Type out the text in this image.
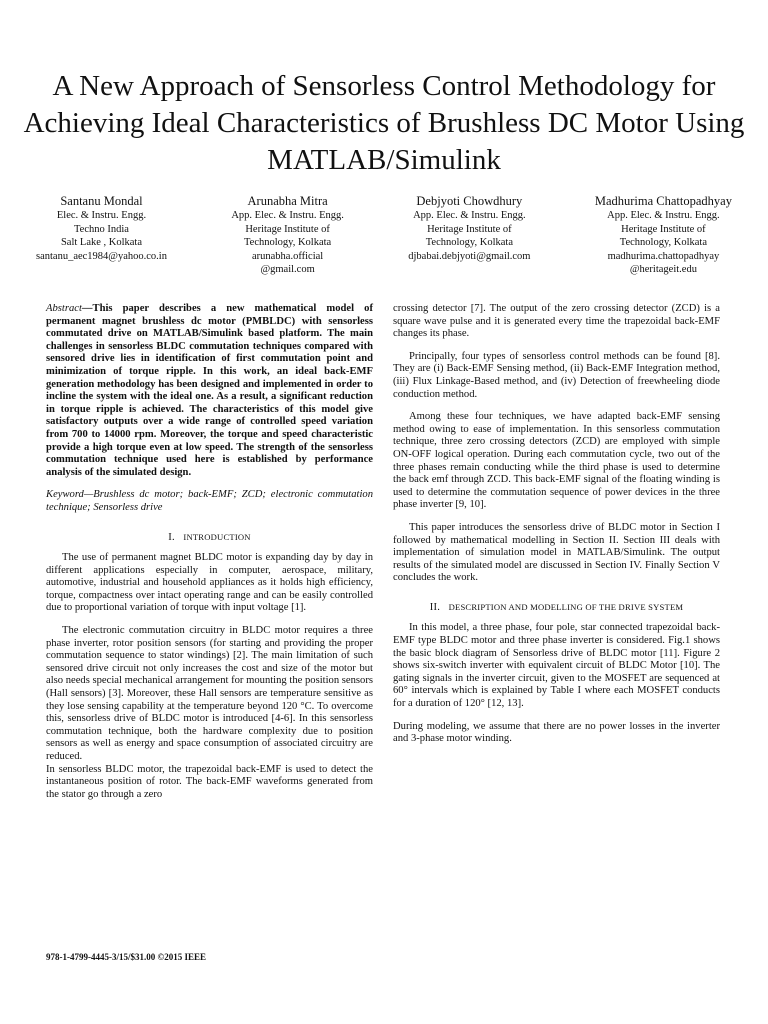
A New Approach of Sensorless Control Methodology for Achieving Ideal Characteristics of Brushless DC Motor Using MATLAB/Simulink
Santanu Mondal
Elec. & Instru. Engg.
Techno India
Salt Lake , Kolkata
santanu_aec1984@yahoo.co.in
Arunabha Mitra
App. Elec. & Instru. Engg.
Heritage Institute of
Technology, Kolkata
arunabha.official
@gmail.com
Debjyoti Chowdhury
App. Elec. & Instru. Engg.
Heritage Institute of
Technology, Kolkata
djbabai.debjyoti@gmail.com
Madhurima Chattopadhyay
App. Elec. & Instru. Engg.
Heritage Institute of
Technology, Kolkata
madhurima.chattopadhyay
@heritageit.edu

Abstract—This paper describes a new mathematical model of permanent magnet brushless dc motor (PMBLDC) with sensorless commutated drive on MATLAB/Simulink based platform. The main challenges in sensorless BLDC commutation techniques compared with sensored drive lies in identification of first commutation point and minimization of torque ripple. In this work, an ideal back-EMF generation methodology has been designed and implemented in order to incline the system with the ideal one. As a result, a significant reduction in torque ripple is achieved. The characteristics of this model give satisfactory outputs over a wide range of controlled speed variation from 700 to 14000 rpm. Moreover, the torque and speed characteristic provide a high torque even at low speed. The strength of the sensorless commutation technique used here is established by performance analysis of the simulated design.

Keyword—Brushless dc motor; back-EMF; ZCD; electronic commutation technique; Sensorless drive

I. INTRODUCTION

The use of permanent magnet BLDC motor is expanding day by day in different applications especially in computer, aerospace, military, automotive, industrial and household appliances as it holds high efficiency, torque, compactness over intact operating range and can be easily controlled due to proportional variation of torque with input voltage [1].

The electronic commutation circuitry in BLDC motor requires a three phase inverter, rotor position sensors (for starting and providing the proper commutation sequence to stator windings) [2]. The main limitation of such sensored drive circuit not only increases the cost and size of the motor but also needs special mechanical arrangement for mounting the position sensors (Hall sensors) [3]. Moreover, these Hall sensors are temperature sensitive as they lose sensing capability at the temperature beyond 120 °C. To overcome this, sensorless drive of BLDC motor is introduced [4-6]. In this sensorless commutation technique, both the hardware complexity due to position sensors as well as energy and space consumption of associated circuitry are reduced.

In sensorless BLDC motor, the trapezoidal back-EMF is used to detect the instantaneous position of rotor. The back-EMF waveforms generated from the stator go through a zero

crossing detector [7]. The output of the zero crossing detector (ZCD) is a square wave pulse and it is generated every time the trapezoidal back-EMF changes its phase.

Principally, four types of sensorless control methods can be found [8]. They are (i) Back-EMF Sensing method, (ii) Back-EMF Integration method, (iii) Flux Linkage-Based method, and (iv) Detection of freewheeling diode conduction method.

Among these four techniques, we have adapted back-EMF sensing method owing to ease of implementation. In this sensorless commutation technique, three zero crossing detectors (ZCD) are employed with simple ON-OFF logical operation. During each commutation cycle, two out of the three phases remain conducting while the third phase is used to determine the back emf through ZCD. This back-EMF signal of the floating winding is used to determine the commutation sequence of power devices in the three phase inverter [9, 10].

This paper introduces the sensorless drive of BLDC motor in Section I followed by mathematical modelling in Section II. Section III deals with implementation of simulation model in MATLAB/Simulink. The output results of the simulated model are discussed in Section IV. Finally Section V concludes the work.

II. DESCRIPTION AND MODELLING OF THE DRIVE SYSTEM

In this model, a three phase, four pole, star connected trapezoidal back-EMF type BLDC motor and three phase inverter is considered. Fig.1 shows the basic block diagram of Sensorless drive of BLDC motor [11]. Figure 2 shows six-switch inverter with equivalent circuit of BLDC Motor [10]. The gating signals in the inverter circuit, given to the MOSFET are sequenced at 60° intervals which is explained by Table I where each MOSFET conducts for a duration of 120° [12, 13].

During modeling, we assume that there are no power losses in the inverter and 3-phase motor winding.

978-1-4799-4445-3/15/$31.00 ©2015 IEEE
